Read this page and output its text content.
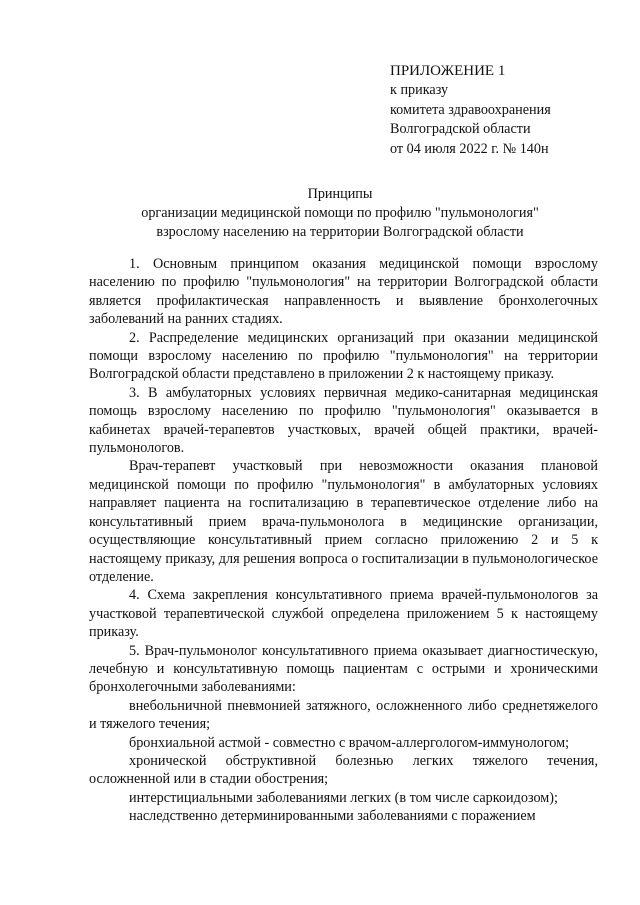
ПРИЛОЖЕНИЕ 1
к приказу
комитета здравоохранения
Волгоградской области
от 04 июля 2022 г. № 140н
Принципы
организации медицинской помощи по профилю "пульмонология"
взрослому населению на территории Волгоградской области

1. Основным принципом оказания медицинской помощи взрослому населению по профилю "пульмонология" на территории Волгоградской области является профилактическая направленность и выявление бронхолегочных заболеваний на ранних стадиях.

2. Распределение медицинских организаций при оказании медицинской помощи взрослому населению по профилю "пульмонология" на территории Волгоградской области представлено в приложении 2 к настоящему приказу.

3. В амбулаторных условиях первичная медико-санитарная медицинская помощь взрослому населению по профилю "пульмонология" оказывается в кабинетах врачей-терапевтов участковых, врачей общей практики, врачей-пульмонологов.

Врач-терапевт участковый при невозможности оказания плановой медицинской помощи по профилю "пульмонология" в амбулаторных условиях направляет пациента на госпитализацию в терапевтическое отделение либо на консультативный прием врача-пульмонолога в медицинские организации, осуществляющие консультативный прием согласно приложению 2 и 5 к настоящему приказу, для решения вопроса о госпитализации в пульмонологическое отделение.

4. Схема закрепления консультативного приема врачей-пульмонологов за участковой терапевтической службой определена приложением 5 к настоящему приказу.

5. Врач-пульмонолог консультативного приема оказывает диагностическую, лечебную и консультативную помощь пациентам с острыми и хроническими бронхолегочными заболеваниями:

внебольничной пневмонией затяжного, осложненного либо среднетяжелого и тяжелого течения;

бронхиальной астмой - совместно с врачом-аллергологом-иммунологом;

хронической обструктивной болезнью легких тяжелого течения, осложненной или в стадии обострения;

интерстициальными заболеваниями легких (в том числе саркоидозом);

наследственно детерминированными заболеваниями с поражением
